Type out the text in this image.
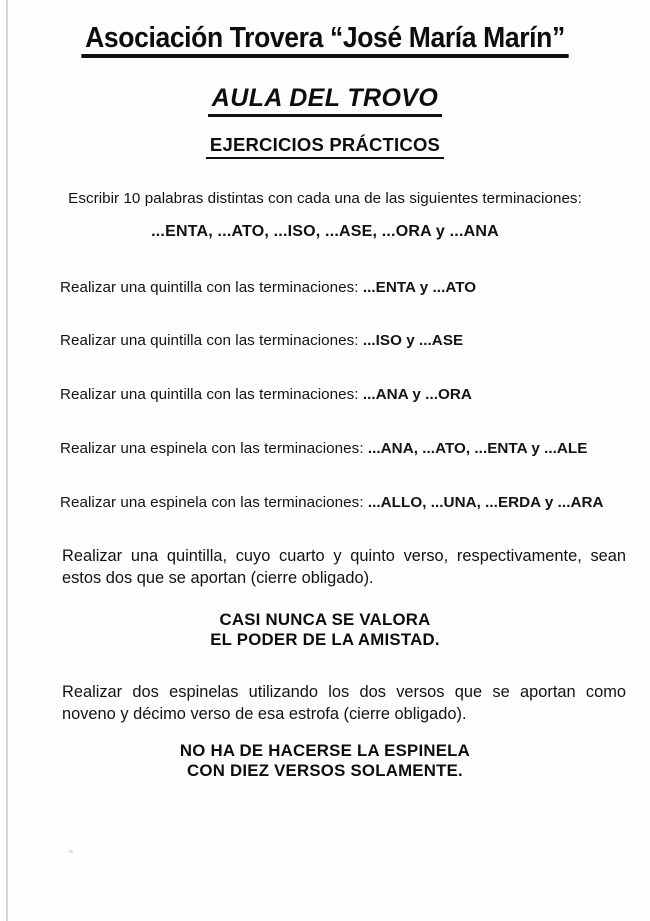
Asociación Trovera “José María Marín”
AULA DEL TROVO
EJERCICIOS PRÁCTICOS
Escribir 10 palabras distintas con cada una de las siguientes terminaciones:
...ENTA, ...ATO, ...ISO, ...ASE, ...ORA y ...ANA
Realizar una quintilla con las terminaciones: ...ENTA y ...ATO
Realizar una quintilla con las terminaciones: ...ISO y ...ASE
Realizar una quintilla con las terminaciones: ...ANA y ...ORA
Realizar una espinela con las terminaciones: ...ANA, ...ATO, ...ENTA y ...ALE
Realizar una espinela con las terminaciones: ...ALLO, ...UNA, ...ERDA y ...ARA
Realizar una quintilla, cuyo cuarto y quinto verso, respectivamente, sean estos dos que se aportan (cierre obligado).
CASI NUNCA SE VALORA
EL PODER DE LA AMISTAD.
Realizar dos espinelas utilizando los dos versos que se aportan como noveno y décimo verso de esa estrofa (cierre obligado).
NO HA DE HACERSE LA ESPINELA
CON DIEZ VERSOS SOLAMENTE.
